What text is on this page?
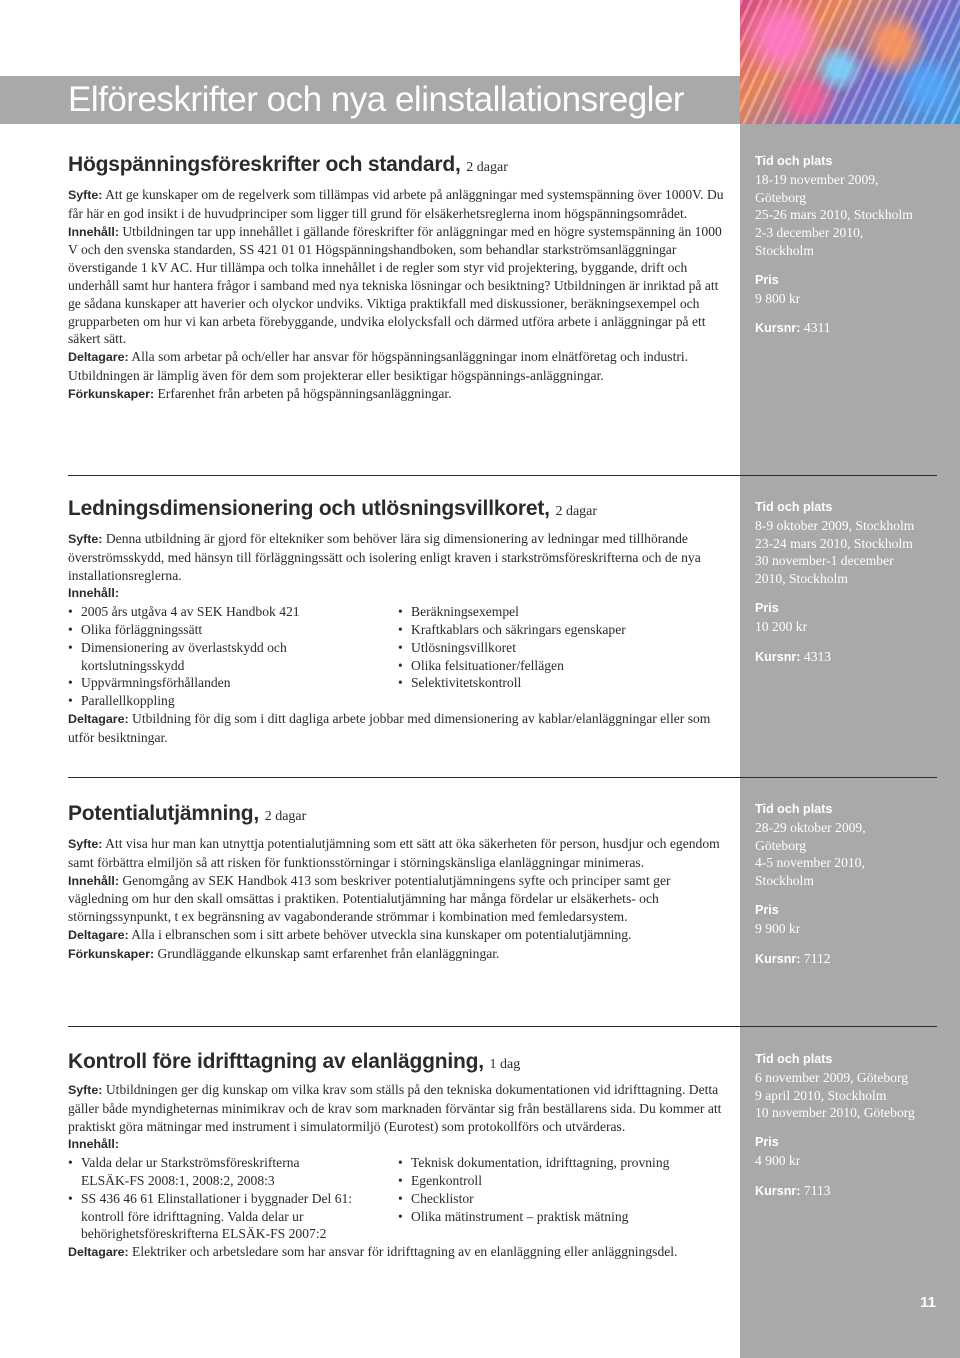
Elföreskrifter och nya elinstallationsregler
Högspänningsföreskrifter och standard, 2 dagar

Syfte: Att ge kunskaper om de regelverk som tillämpas vid arbete på anläggningar med systemspänning över 1000V. Du får här en god insikt i de huvudprinciper som ligger till grund för elsäkerhetsreglerna inom högspänningsområdet.

Innehåll: Utbildningen tar upp innehållet i gällande föreskrifter för anläggningar med en högre systemspänning än 1000 V och den svenska standarden, SS 421 01 01 Högspänningshandboken, som behandlar starkströmsanläggningar överstigande 1 kV AC. Hur tillämpa och tolka innehållet i de regler som styr vid projektering, byggande, drift och underhåll samt hur hantera frågor i samband med nya tekniska lösningar och besiktning? Utbildningen är inriktad på att ge sådana kunskaper att haverier och olyckor undviks. Viktiga praktikfall med diskussioner, beräkningsexempel och grupparbeten om hur vi kan arbeta förebyggande, undvika elolycksfall och därmed utföra arbete i anläggningar på ett säkert sätt.

Deltagare: Alla som arbetar på och/eller har ansvar för högspänningsanläggningar inom elnätföretag och industri. Utbildningen är lämplig även för dem som projekterar eller besiktigar högspännings-anläggningar.

Förkunskaper: Erfarenhet från arbeten på högspänningsanläggningar.

Tid och plats
18-19 november 2009,
Göteborg
25-26 mars 2010, Stockholm
2-3 december 2010,
Stockholm
Pris
9 800 kr
Kursnr: 4311
Ledningsdimensionering och utlösningsvillkoret, 2 dagar

Syfte: Denna utbildning är gjord för eltekniker som behöver lära sig dimensionering av ledningar med tillhörande överströmsskydd, med hänsyn till förläggningssätt och isolering enligt kraven i starkströmsföreskrifterna och de nya installationsreglerna.

Innehåll:

• 2005 års utgåva 4 av SEK Handbok 421
• Olika förläggningssätt
• Dimensionering av överlastskydd och kortslutningsskydd
• Uppvärmningsförhållanden
• Parallellkoppling
• Beräkningsexempel
• Kraftkablars och säkringars egenskaper
• Utlösningsvillkoret
• Olika felsituationer/fellägen
• Selektivitetskontroll

Deltagare: Utbildning för dig som i ditt dagliga arbete jobbar med dimensionering av kablar/elanläggningar eller som utför besiktningar.

Tid och plats
8-9 oktober 2009, Stockholm
23-24 mars 2010, Stockholm
30 november-1 december
2010, Stockholm
Pris
10 200 kr
Kursnr: 4313
Potentialutjämning, 2 dagar

Syfte: Att visa hur man kan utnyttja potentialutjämning som ett sätt att öka säkerheten för person, husdjur och egendom samt förbättra elmiljön så att risken för funktionsstörningar i störningskänsliga elanläggningar minimeras.

Innehåll: Genomgång av SEK Handbok 413 som beskriver potentialutjämningens syfte och principer samt ger vägledning om hur den skall omsättas i praktiken. Potentialutjämning har många fördelar ur elsäkerhets- och störningssynpunkt, t ex begränsning av vagabonderande strömmar i kombination med femledarsystem.

Deltagare: Alla i elbranschen som i sitt arbete behöver utveckla sina kunskaper om potentialutjämning.

Förkunskaper: Grundläggande elkunskap samt erfarenhet från elanläggningar.

Tid och plats
28-29 oktober 2009,
Göteborg
4-5 november 2010,
Stockholm
Pris
9 900 kr
Kursnr: 7112
Kontroll före idrifttagning av elanläggning, 1 dag

Syfte: Utbildningen ger dig kunskap om vilka krav som ställs på den tekniska dokumentationen vid idrifttagning. Detta gäller både myndigheternas minimikrav och de krav som marknaden förväntar sig från beställarens sida. Du kommer att praktiskt göra mätningar med instrument i simulatormiljö (Eurotest) som protokollförs och utvärderas.

Innehåll:

• Valda delar ur Starkströmsföreskrifterna ELSÄK-FS 2008:1, 2008:2, 2008:3
• SS 436 46 61 Elinstallationer i byggnader Del 61: kontroll före idrifttagning. Valda delar ur behörighetsföreskrifterna ELSÄK-FS 2007:2
• Teknisk dokumentation, idrifttagning, provning
• Egenkontroll
• Checklistor
• Olika mätinstrument – praktisk mätning

Deltagare: Elektriker och arbetsledare som har ansvar för idrifttagning av en elanläggning eller anläggningsdel.

Tid och plats
6 november 2009, Göteborg
9 april 2010, Stockholm
10 november 2010, Göteborg
Pris
4 900 kr
Kursnr: 7113
11
